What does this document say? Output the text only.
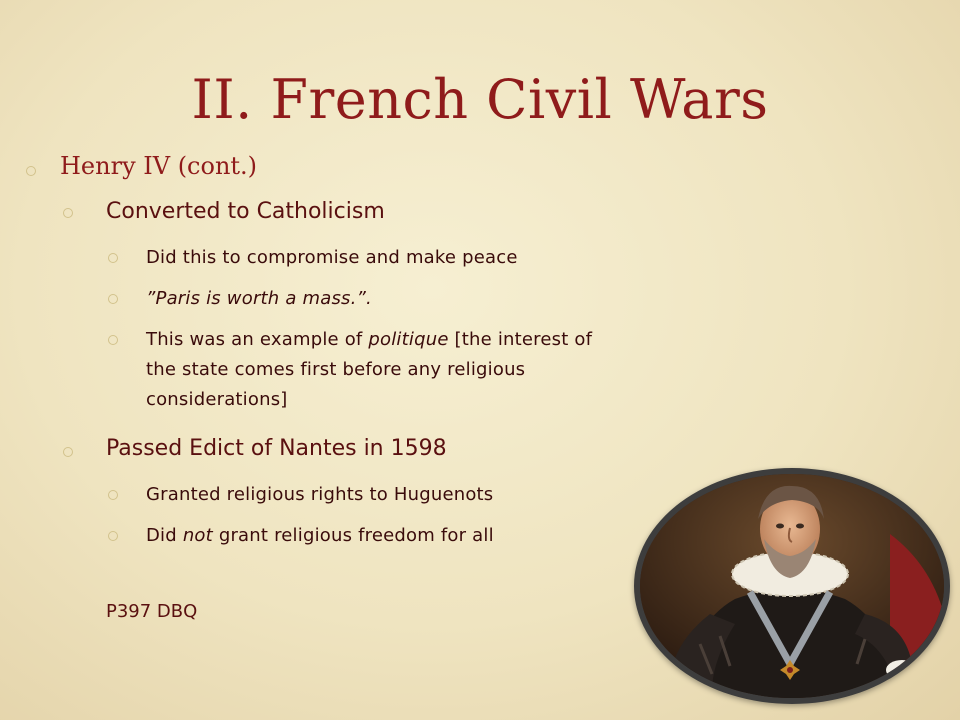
II. French Civil Wars
Henry IV (cont.)
Converted to Catholicism
Did this to compromise and make peace
”Paris is worth a mass.”.
This was an example of politique [the interest of
the state comes first before any religious
considerations]
Passed Edict of Nantes in 1598
Granted religious rights to Huguenots
Did not grant religious freedom for all
P397 DBQ
